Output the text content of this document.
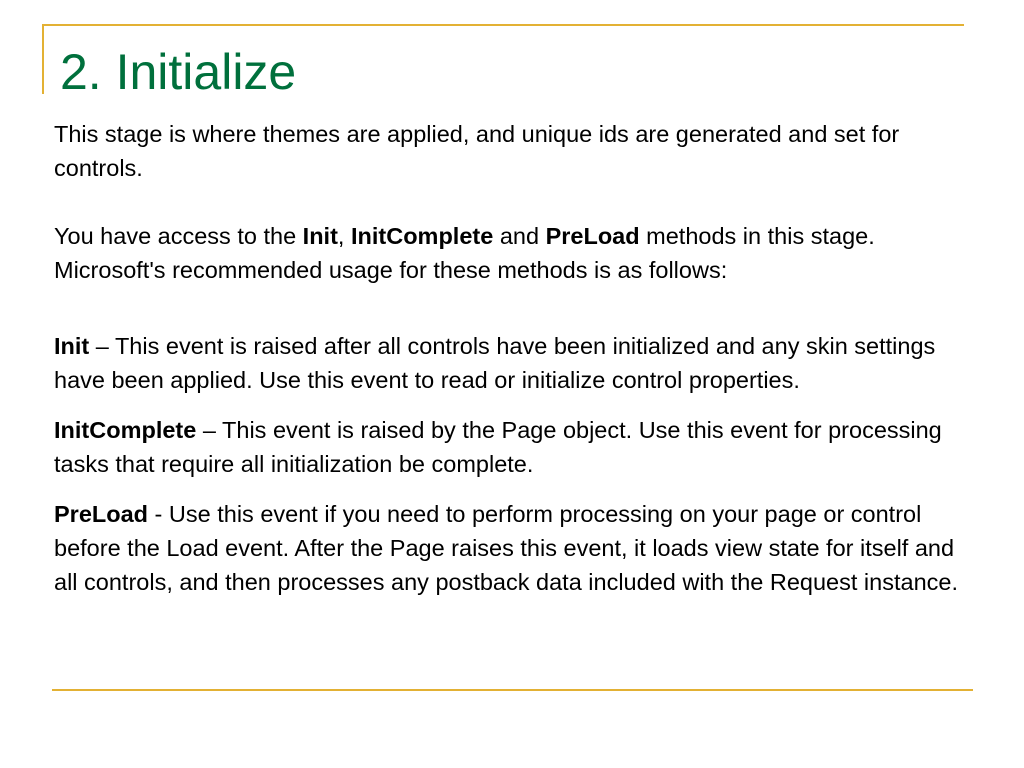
2. Initialize

This stage is where themes are applied, and unique ids are generated and set for controls.

You have access to the Init, InitComplete and PreLoad methods in this stage. Microsoft's recommended usage for these methods is as follows:

Init – This event is raised after all controls have been initialized and any skin settings have been applied. Use this event to read or initialize control properties.

InitComplete – This event is raised by the Page object. Use this event for processing tasks that require all initialization be complete.

PreLoad - Use this event if you need to perform processing on your page or control before the Load event. After the Page raises this event, it loads view state for itself and all controls, and then processes any postback data included with the Request instance.
